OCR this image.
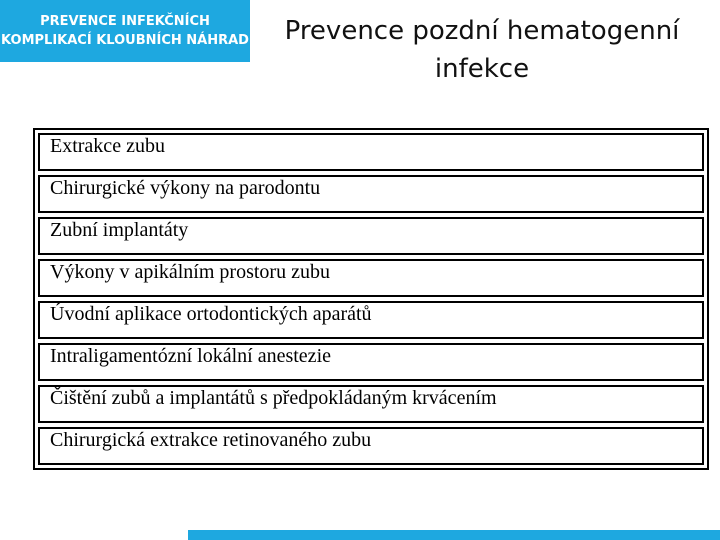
PREVENCE INFEKČNÍCH
KOMPLIKACÍ KLOUBNÍCH NÁHRAD	Prevence pozdní hematogenní
infekce
Extrakce zubu
Chirurgické výkony na parodontu
Zubní implantáty
Výkony v apikálním prostoru zubu
Úvodní aplikace ortodontických aparátů
Intraligamentózní lokální anestezie
Čištění zubů a implantátů s předpokládaným krvácením
Chirurgická extrakce retinovaného zubu
